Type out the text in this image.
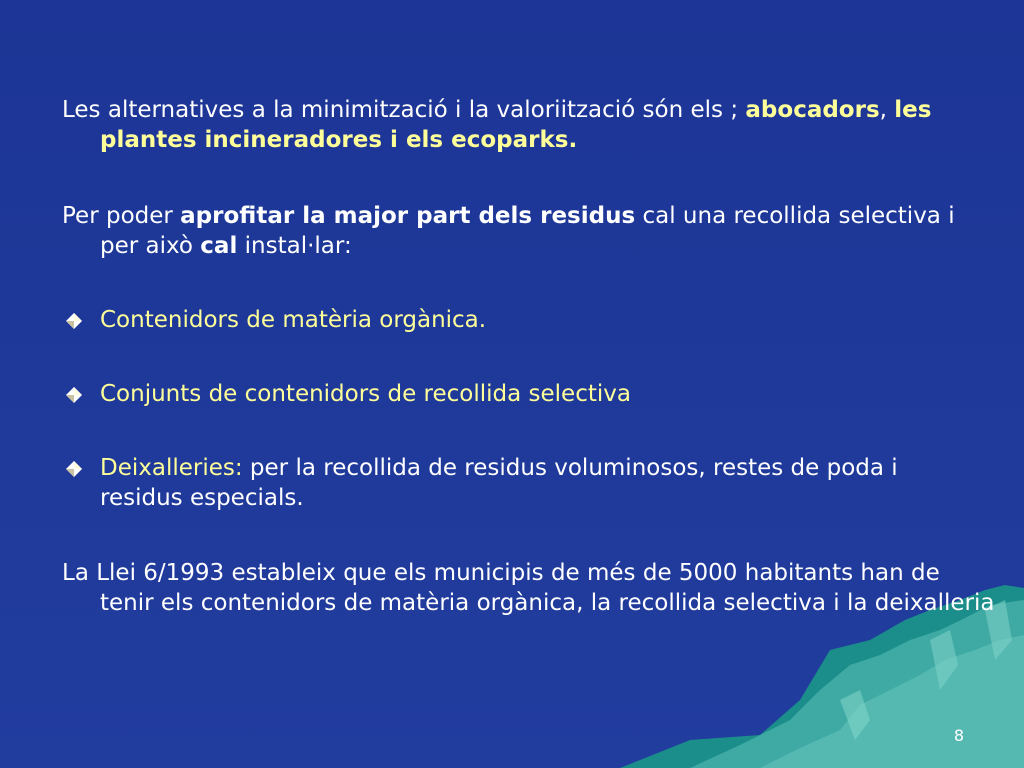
Les alternatives a la minimització i la valoriització són els ; abocadors, les plantes incineradores i els ecoparks.
Per poder aprofitar la major part dels residus cal una recollida selectiva i per això cal instal·lar:
Contenidors de matèria orgànica.
Conjunts de contenidors de recollida selectiva
Deixalleries: per la recollida de residus voluminosos, restes de poda i residus especials.
La Llei 6/1993 estableix que els municipis de més de 5000 habitants han de tenir els contenidors de matèria orgànica, la recollida selectiva i la deixalleria
8
